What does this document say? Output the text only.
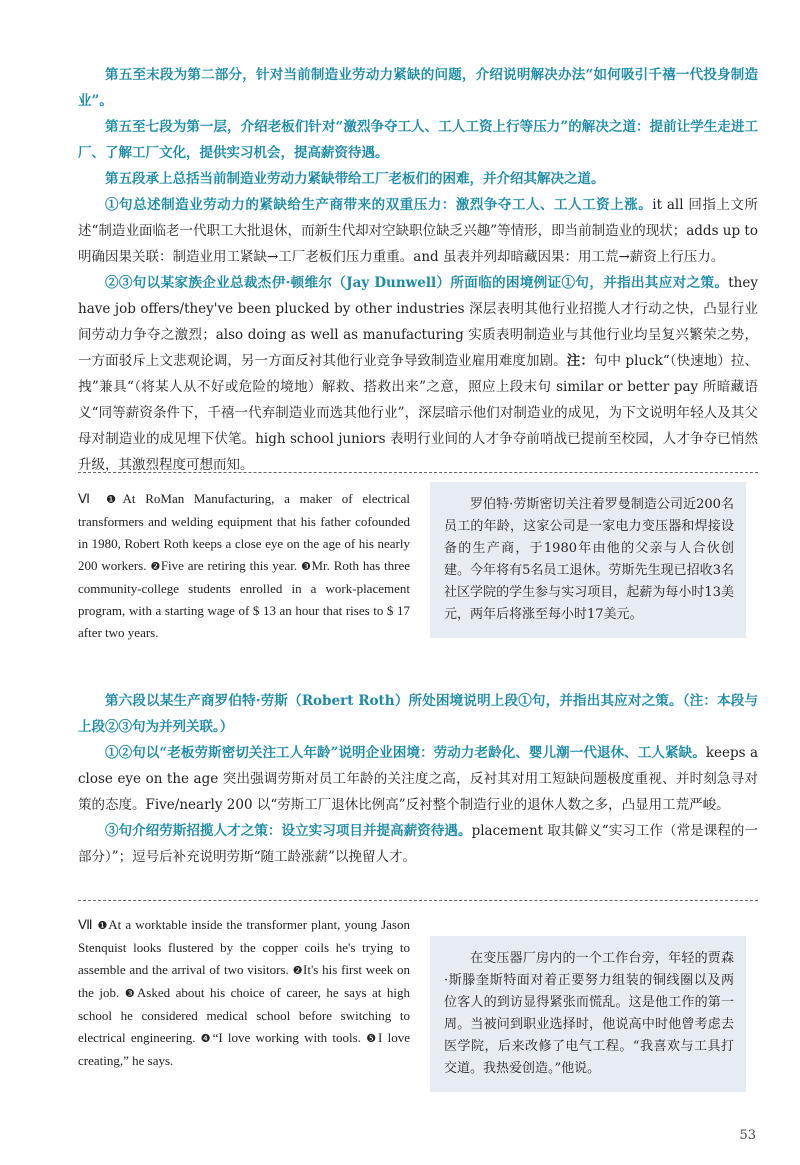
第五至末段为第二部分，针对当前制造业劳动力紧缺的问题，介绍说明解决办法“如何吸引千禧一代投身制造业”。

第五至七段为第一层，介绍老板们针对“激烈争夺工人、工人工资上行等压力”的解决之道：提前让学生走进工厂、了解工厂文化，提供实习机会，提高薪资待遇。

第五段承上总括当前制造业劳动力紧缺带给工厂老板们的困难，并介绍其解决之道。

①句总述制造业劳动力的紧缺给生产商带来的双重压力：激烈争夺工人、工人工资上涨。it all 回指上文所述“制造业面临老一代职工大批退休，而新生代却对空缺职位缺乏兴趣”等情形，即当前制造业的现状；adds up to 明确因果关联：制造业用工紧缺→工厂老板们压力重重。and 虽表并列却暗藏因果：用工荒→薪资上行压力。

②③句以某家族企业总裁杰伊·顿维尔（Jay Dunwell）所面临的困境例证①句，并指出其应对之策。they have job offers/they've been plucked by other industries 深层表明其他行业招揽人才行动之快，凸显行业间劳动力争夺之激烈；also doing as well as manufacturing 实质表明制造业与其他行业均呈复兴繁荣之势，一方面驳斥上文悲观论调，另一方面反衬其他行业竞争导致制造业雇用难度加剧。注：句中 pluck“（快速地）拉、拽”兼具“（将某人从不好或危险的境地）解救、搭救出来”之意，照应上段末句 similar or better pay 所暗藏语义“同等薪资条件下，千禧一代弃制造业而选其他行业”，深层暗示他们对制造业的成见，为下文说明年轻人及其父母对制造业的成见埋下伏笔。high school juniors 表明行业间的人才争夺前哨战已提前至校园，人才争夺已悄然升级，其激烈程度可想而知。

Ⅵ ❶At RoMan Manufacturing, a maker of electrical transformers and welding equipment that his father cofounded in 1980, Robert Roth keeps a close eye on the age of his nearly 200 workers. ❷Five are retiring this year. ❸Mr. Roth has three community-college students enrolled in a work-placement program, with a starting wage of $ 13 an hour that rises to $ 17 after two years.

罗伯特·劳斯密切关注着罗曼制造公司近200名员工的年龄，这家公司是一家电力变压器和焊接设备的生产商，于1980年由他的父亲与人合伙创建。今年将有5名员工退休。劳斯先生现已招收3名社区学院的学生参与实习项目，起薪为每小时13美元，两年后将涨至每小时17美元。

第六段以某生产商罗伯特·劳斯（Robert Roth）所处困境说明上段①句，并指出其应对之策。（注：本段与上段②③句为并列关联。）

①②句以“老板劳斯密切关注工人年龄”说明企业困境：劳动力老龄化、婴儿潮一代退休、工人紧缺。keeps a close eye on the age 突出强调劳斯对员工年龄的关注度之高，反衬其对用工短缺问题极度重视、并时刻急寻对策的态度。Five/nearly 200 以“劳斯工厂退休比例高”反衬整个制造行业的退休人数之多，凸显用工荒严峻。

③句介绍劳斯招揽人才之策：设立实习项目并提高薪资待遇。placement 取其僻义“实习工作（常是课程的一部分）”；逗号后补充说明劳斯“随工龄涨薪”以挽留人才。

Ⅶ ❶At a worktable inside the transformer plant, young Jason Stenquist looks flustered by the copper coils he's trying to assemble and the arrival of two visitors. ❷It's his first week on the job. ❸Asked about his choice of career, he says at high school he considered medical school before switching to electrical engineering. ❹“I love working with tools. ❺I love creating,” he says.

在变压器厂房内的一个工作台旁，年轻的贾森·斯滕奎斯特面对着正要努力组装的铜线圈以及两位客人的到访显得紧张而慌乱。这是他工作的第一周。当被问到职业选择时，他说高中时他曾考虑去医学院，后来改修了电气工程。“我喜欢与工具打交道。我热爱创造。”他说。

53
